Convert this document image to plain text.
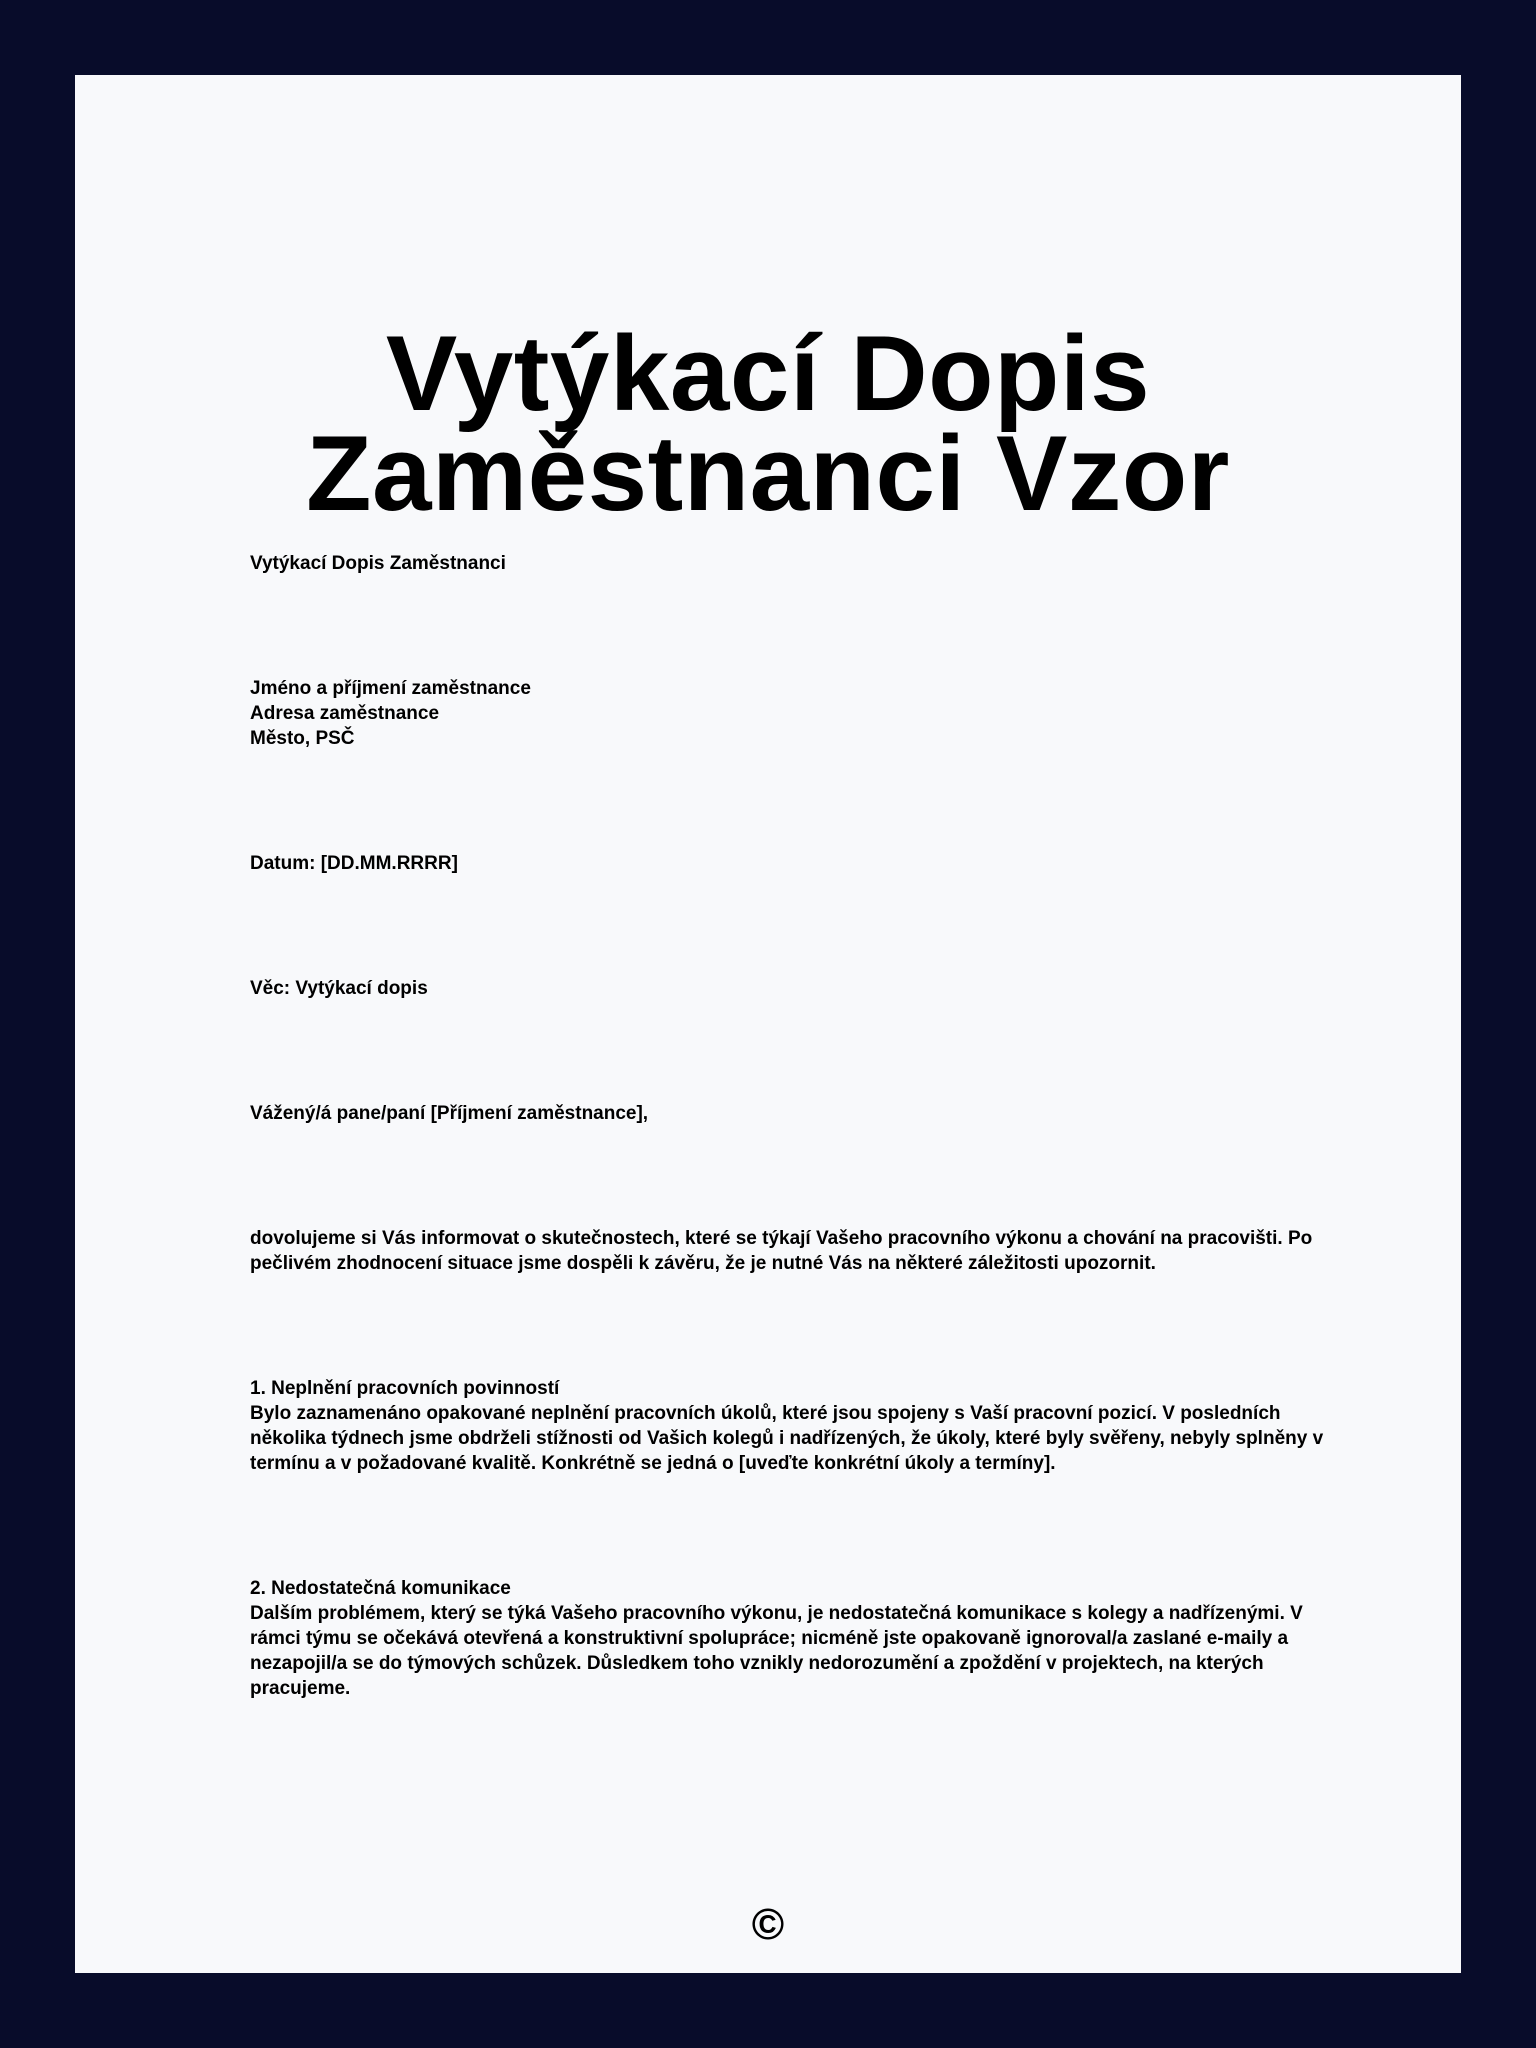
Vytýkací Dopis Zaměstnanci Vzor

Vytýkací Dopis Zaměstnanci

Jméno a příjmení zaměstnance
Adresa zaměstnance
Město, PSČ

Datum: [DD.MM.RRRR]

Věc: Vytýkací dopis

Vážený/á pane/paní [Příjmení zaměstnance],

dovolujeme si Vás informovat o skutečnostech, které se týkají Vašeho pracovního výkonu a chování na pracovišti. Po pečlivém zhodnocení situace jsme dospěli k závěru, že je nutné Vás na některé záležitosti upozornit.

1. Neplnění pracovních povinností
Bylo zaznamenáno opakované neplnění pracovních úkolů, které jsou spojeny s Vaší pracovní pozicí. V posledních několika týdnech jsme obdrželi stížnosti od Vašich kolegů i nadřízených, že úkoly, které byly svěřeny, nebyly splněny v termínu a v požadované kvalitě. Konkrétně se jedná o [uveďte konkrétní úkoly a termíny].

2. Nedostatečná komunikace
Dalším problémem, který se týká Vašeho pracovního výkonu, je nedostatečná komunikace s kolegy a nadřízenými. V rámci týmu se očekává otevřená a konstruktivní spolupráce; nicméně jste opakovaně ignoroval/a zaslané e-maily a nezapojil/a se do týmových schůzek. Důsledkem toho vznikly nedorozumění a zpoždění v projektech, na kterých pracujeme.

©
